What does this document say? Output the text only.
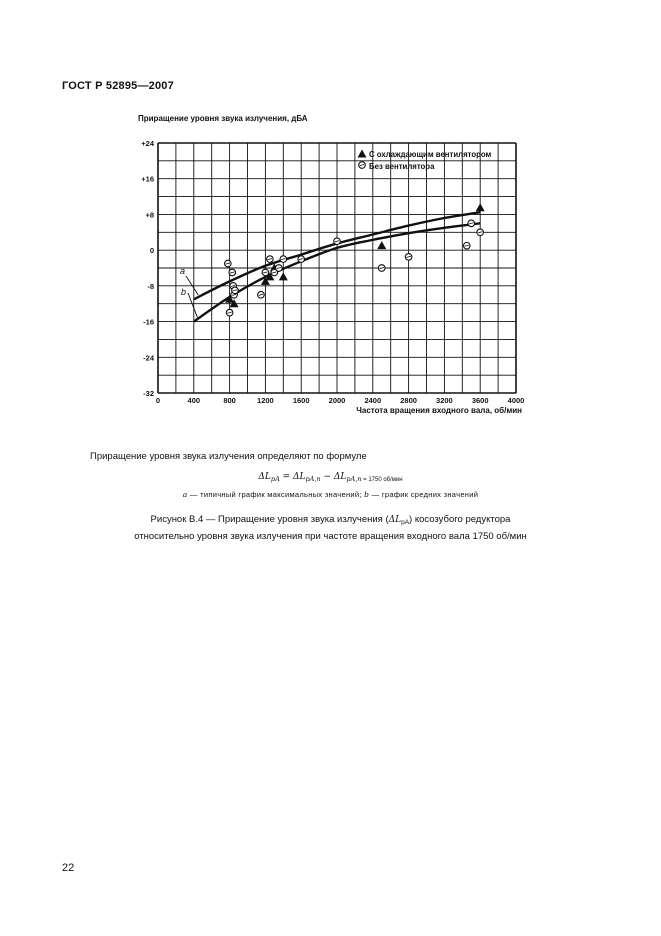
ГОСТ Р 52895—2007
0	400	800	1200	1600	2000	2400	2800	3200	3600	4000
+24
+16
+8
0
-8
-16
-24
-32
Приращение уровня звука излучения, дБА
Частота вращения входного вала, об/мин
a
b
С охлаждающим вентилятором
Без вентилятора
Приращение уровня звука излучения определяют по формуле
$\Delta L_{pA} = \Delta L_{pA,n} - \Delta L_{pA,n}$ $_{= 1750 об/мин}$
a — типичный график максимальных значений; b — график средних значений
Рисунок В.4 — Приращение уровня звука излучения $(\Delta L_{pA})$ косозубого редуктора
относительно уровня звука излучения при частоте вращения входного вала 1750 об/мин
22
